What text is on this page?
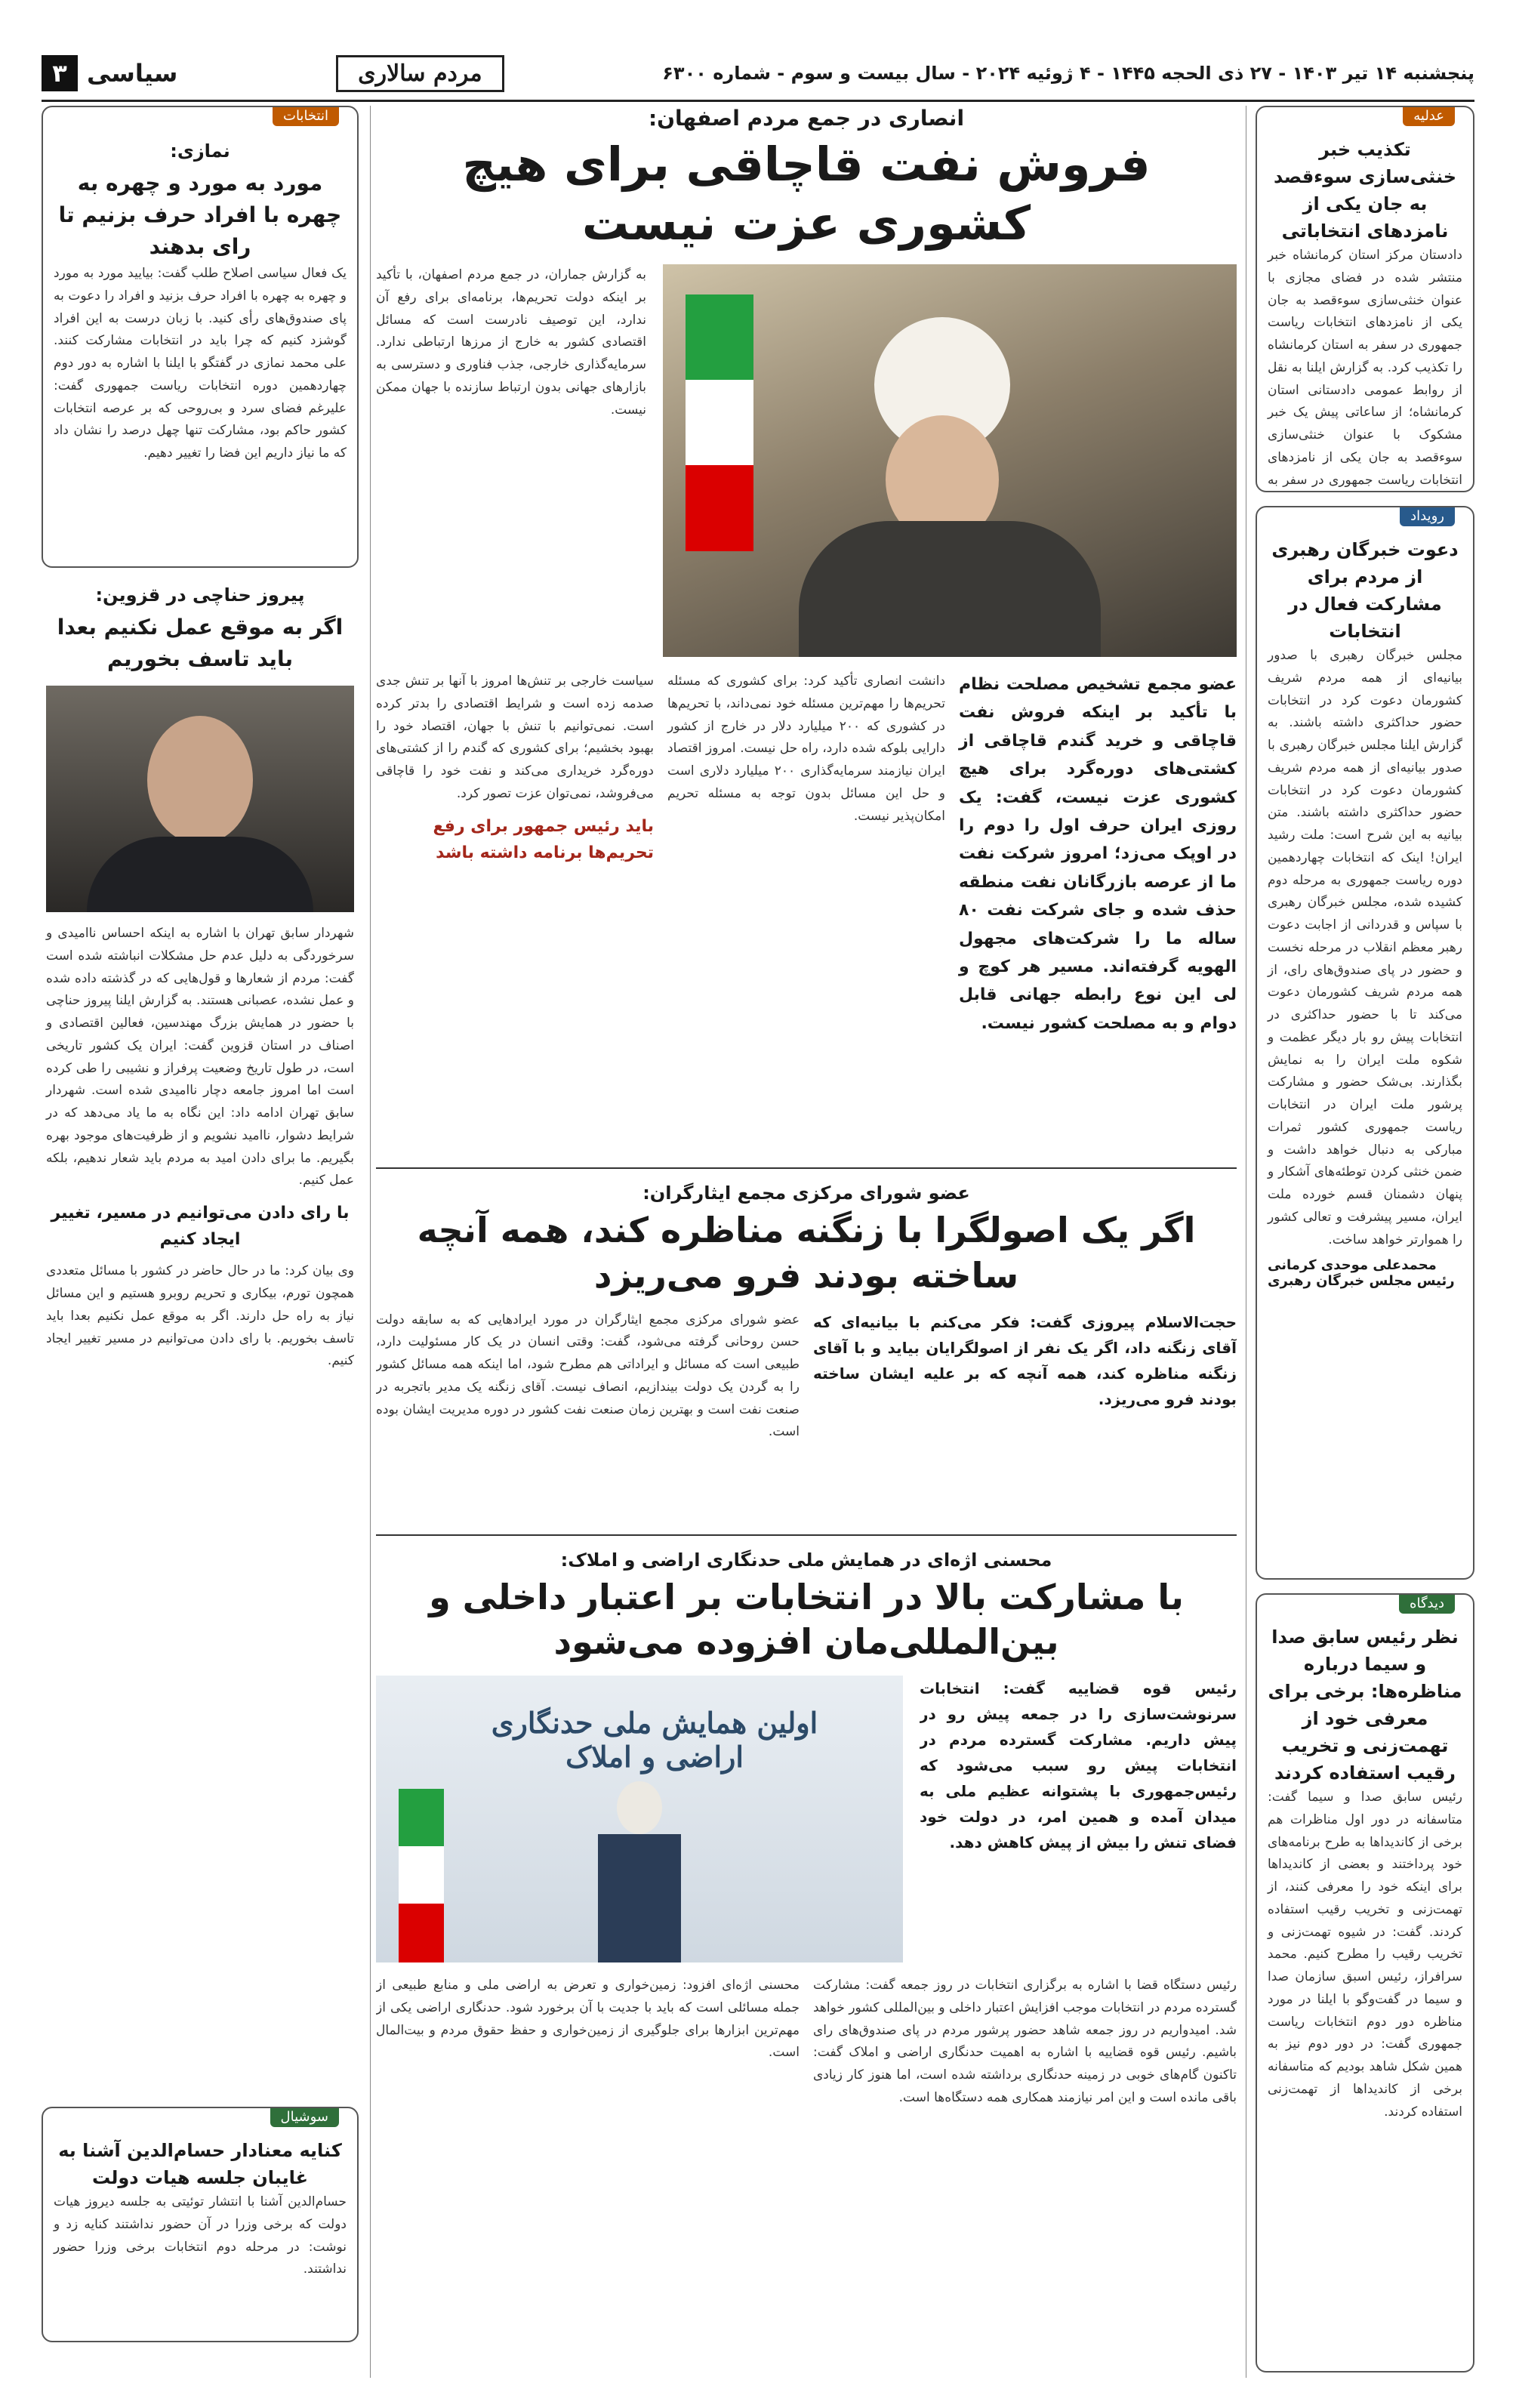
پنجشنبه ۱۴ تیر ۱۴۰۳ - ۲۷ ذی الحجه ۱۴۴۵ - ۴ ژوئیه ۲۰۲۴ - سال بیست و سوم - شماره ۶۳۰۰
مردم سالاری
سیاسی
۳
عدلیه
تکذیب خبر خنثی‌سازی سوءقصد به جان یکی از نامزدهای انتخاباتی
دادستان مرکز استان کرمانشاه خبر منتشر شده در فضای مجازی با عنوان خنثی‌سازی سوءقصد به جان یکی از نامزدهای انتخابات ریاست جمهوری در سفر به استان کرمانشاه را تکذیب کرد. به گزارش ایلنا به نقل از روابط عمومی دادستانی استان کرمانشاه؛ از ساعاتی پیش یک خبر مشکوک با عنوان خنثی‌سازی سوءقصد به جان یکی از نامزدهای انتخابات ریاست جمهوری در سفر به
رویداد
دعوت خبرگان رهبری از مردم برای مشارکت فعال در انتخابات
مجلس خبرگان رهبری با صدور بیانیه‌ای از همه مردم شریف کشورمان دعوت کرد در انتخابات حضور حداکثری داشته باشند. به گزارش ایلنا مجلس خبرگان رهبری با صدور بیانیه‌ای از همه مردم شریف کشورمان دعوت کرد در انتخابات حضور حداکثری داشته باشند. متن بیانیه به این شرح است: ملت رشید ایران! اینک که انتخابات چهاردهمین دوره ریاست جمهوری به مرحله دوم کشیده شده، مجلس خبرگان رهبری با سپاس و قدردانی از اجابت دعوت رهبر معظم انقلاب در مرحله نخست و حضور در پای صندوق‌های رای، از همه مردم شریف کشورمان دعوت می‌کند تا با حضور حداکثری در انتخابات پیش رو بار دیگر عظمت و شکوه ملت ایران را به نمایش بگذارند. بی‌شک حضور و مشارکت پرشور ملت ایران در انتخابات ریاست جمهوری کشور ثمرات مبارکی به دنبال خواهد داشت و ضمن خنثی کردن توطئه‌های آشکار و پنهان دشمنان قسم خورده ملت ایران، مسیر پیشرفت و تعالی کشور را هموارتر خواهد ساخت.
محمدعلی موحدی کرمانی رئیس مجلس خبرگان رهبری
دیدگاه
نظر رئیس سابق صدا و سیما درباره مناظره‌ها: برخی برای معرفی خود از تهمت‌زنی و تخریب رقیب استفاده کردند
رئیس سابق صدا و سیما گفت: متاسفانه در دور اول مناظرات هم برخی از کاندیداها به طرح برنامه‌های خود پرداختند و بعضی از کاندیداها برای اینکه خود را معرفی کنند، از تهمت‌زنی و تخریب رقیب استفاده کردند. گفت: در شیوه تهمت‌زنی و تخریب رقیب را مطرح کنیم. محمد سرافراز، رئیس اسبق سازمان صدا و سیما در گفت‌وگو با ایلنا در مورد مناظره دور دوم انتخابات ریاست جمهوری گفت: در دور دوم نیز به همین شکل شاهد بودیم که متاسفانه برخی از کاندیداها از تهمت‌زنی استفاده کردند.
انصاری در جمع مردم اصفهان:
فروش نفت قاچاقی برای هیچ کشوری عزت نیست
به گزارش جماران، در جمع مردم اصفهان، با تأکید بر اینکه دولت تحریم‌ها، برنامه‌ای برای رفع آن ندارد، این توصیف نادرست است که مسائل اقتصادی کشور به خارج از مرزها ارتباطی ندارد. سرمایه‌گذاری خارجی، جذب فناوری و دسترسی به بازارهای جهانی بدون ارتباط سازنده با جهان ممکن نیست.
عضو مجمع تشخیص مصلحت نظام با تأکید بر اینکه فروش نفت قاچاقی و خرید گندم قاچاقی از کشتی‌های دوره‌گرد برای هیچ کشوری عزت نیست، گفت: یک روزی ایران حرف اول را دوم را در اوپک می‌زد؛ امروز شرکت نفت ما از عرصه بازرگانان نفت منطقه حذف شده و جای شرکت نفت ۸۰ ساله ما را شرکت‌های مجهول الهویه گرفته‌اند. مسیر هر کوچ و لی این نوع رابطه جهانی قابل دوام و به مصلحت کشور نیست.
دانشت انصاری تأکید کرد: برای کشوری که مسئله تحریم‌ها را مهم‌ترین مسئله خود نمی‌داند، با تحریم‌ها در کشوری که ۲۰۰ میلیارد دلار در خارج از کشور دارایی بلوکه شده دارد، راه حل نیست. امروز اقتصاد ایران نیازمند سرمایه‌گذاری ۲۰۰ میلیارد دلاری است و حل این مسائل بدون توجه به مسئله تحریم امکان‌پذیر نیست.
سیاست خارجی بر تنش‌ها امروز با آنها بر تنش جدی صدمه زده است و شرایط اقتصادی را بدتر کرده است. نمی‌توانیم با تنش با جهان، اقتصاد خود را بهبود بخشیم؛ برای کشوری که گندم را از کشتی‌های دوره‌گرد خریداری می‌کند و نفت خود را قاچاقی می‌فروشد، نمی‌توان عزت تصور کرد.
باید رئیس جمهور برای رفع تحریم‌ها برنامه داشته باشد
عضو شورای مرکزی مجمع ایثارگران:
اگر یک اصولگرا با زنگنه مناظره کند، همه آنچه ساخته بودند فرو می‌ریزد
حجت‌الاسلام پیروزی گفت: فکر می‌کنم با بیانیه‌ای که آقای زنگنه داد، اگر یک نفر از اصولگرایان بیاید و با آقای زنگنه مناظره کند، همه آنچه که بر علیه ایشان ساخته بودند فرو می‌ریزد.
عضو شورای مرکزی مجمع ایثارگران در مورد ایرادهایی که به سابقه دولت حسن روحانی گرفته می‌شود، گفت: وقتی انسان در یک کار مسئولیت دارد، طبیعی است که مسائل و ایراداتی هم مطرح شود، اما اینکه همه مسائل کشور را به گردن یک دولت بیندازیم، انصاف نیست. آقای زنگنه یک مدیر باتجربه در صنعت نفت است و بهترین زمان صنعت نفت کشور در دوره مدیریت ایشان بوده است.
محسنی اژه‌ای در همایش ملی حدنگاری اراضی و املاک:
با مشارکت بالا در انتخابات بر اعتبار داخلی و بین‌المللی‌مان افزوده می‌شود
رئیس قوه قضاییه گفت: انتخابات سرنوشت‌سازی را در جمعه پیش رو در پیش داریم. مشارکت گسترده مردم در انتخابات پیش رو سبب می‌شود که رئیس‌جمهوری با پشتوانه عظیم ملی به میدان آمده و همین امر، در دولت خود فضای تنش را بیش از پیش کاهش دهد.
اولین همایش ملی حدنگاری اراضی و املاک
رئیس دستگاه قضا با اشاره به برگزاری انتخابات در روز جمعه گفت: مشارکت گسترده مردم در انتخابات موجب افزایش اعتبار داخلی و بین‌المللی کشور خواهد شد. امیدواریم در روز جمعه شاهد حضور پرشور مردم در پای صندوق‌های رای باشیم. رئیس قوه قضاییه با اشاره به اهمیت حدنگاری اراضی و املاک گفت: تاکنون گام‌های خوبی در زمینه حدنگاری برداشته شده است، اما هنوز کار زیادی باقی مانده است و این امر نیازمند همکاری همه دستگاه‌ها است.
محسنی اژه‌ای افزود: زمین‌خواری و تعرض به اراضی ملی و منابع طبیعی از جمله مسائلی است که باید با جدیت با آن برخورد شود. حدنگاری اراضی یکی از مهم‌ترین ابزارها برای جلوگیری از زمین‌خواری و حفظ حقوق مردم و بیت‌المال است.
انتخابات
نمازی:
مورد به مورد و چهره به چهره با افراد حرف بزنیم تا رای بدهند
یک فعال سیاسی اصلاح طلب گفت: بیایید مورد به مورد و چهره به چهره با افراد حرف بزنید و افراد را دعوت به پای صندوق‌های رأی کنید. با زبان درست به این افراد گوشزد کنیم که چرا باید در انتخابات مشارکت کنند. علی محمد نمازی در گفتگو با ایلنا با اشاره به دور دوم چهاردهمین دوره انتخابات ریاست جمهوری گفت: علیرغم فضای سرد و بی‌روحی که بر عرصه انتخابات کشور حاکم بود، مشارکت تنها چهل درصد را نشان داد که ما نیاز داریم این فضا را تغییر دهیم.
پیروز حناچی در قزوین:
اگر به موقع عمل نکنیم بعدا باید تاسف بخوریم
شهردار سابق تهران با اشاره به اینکه احساس ناامیدی و سرخوردگی به دلیل عدم حل مشکلات انباشته شده است گفت: مردم از شعارها و قول‌هایی که در گذشته داده شده و عمل نشده، عصبانی هستند. به گزارش ایلنا پیروز حناچی با حضور در همایش بزرگ مهندسین، فعالین اقتصادی و اصناف در استان قزوین گفت: ایران یک کشور تاریخی است، در طول تاریخ وضعیت پرفراز و نشیبی را طی کرده است اما امروز جامعه دچار ناامیدی شده است. شهردار سابق تهران ادامه داد: این نگاه به ما یاد می‌دهد که در شرایط دشوار، ناامید نشویم و از ظرفیت‌های موجود بهره بگیریم. ما برای دادن امید به مردم باید شعار ندهیم، بلکه عمل کنیم.
با رای دادن می‌توانیم در مسیر، تغییر ایجاد کنیم
وی بیان کرد: ما در حال حاضر در کشور با مسائل متعددی همچون تورم، بیکاری و تحریم روبرو هستیم و این مسائل نیاز به راه حل دارند. اگر به موقع عمل نکنیم بعدا باید تاسف بخوریم. با رای دادن می‌توانیم در مسیر تغییر ایجاد کنیم.
سوشیال
کنایه معنادار حسام‌الدین آشنا به غایبان جلسه هیات دولت
حسام‌الدین آشنا با انتشار توئیتی به جلسه دیروز هیات دولت که برخی وزرا در آن حضور نداشتند کنایه زد و نوشت: در مرحله دوم انتخابات برخی وزرا حضور نداشتند.
